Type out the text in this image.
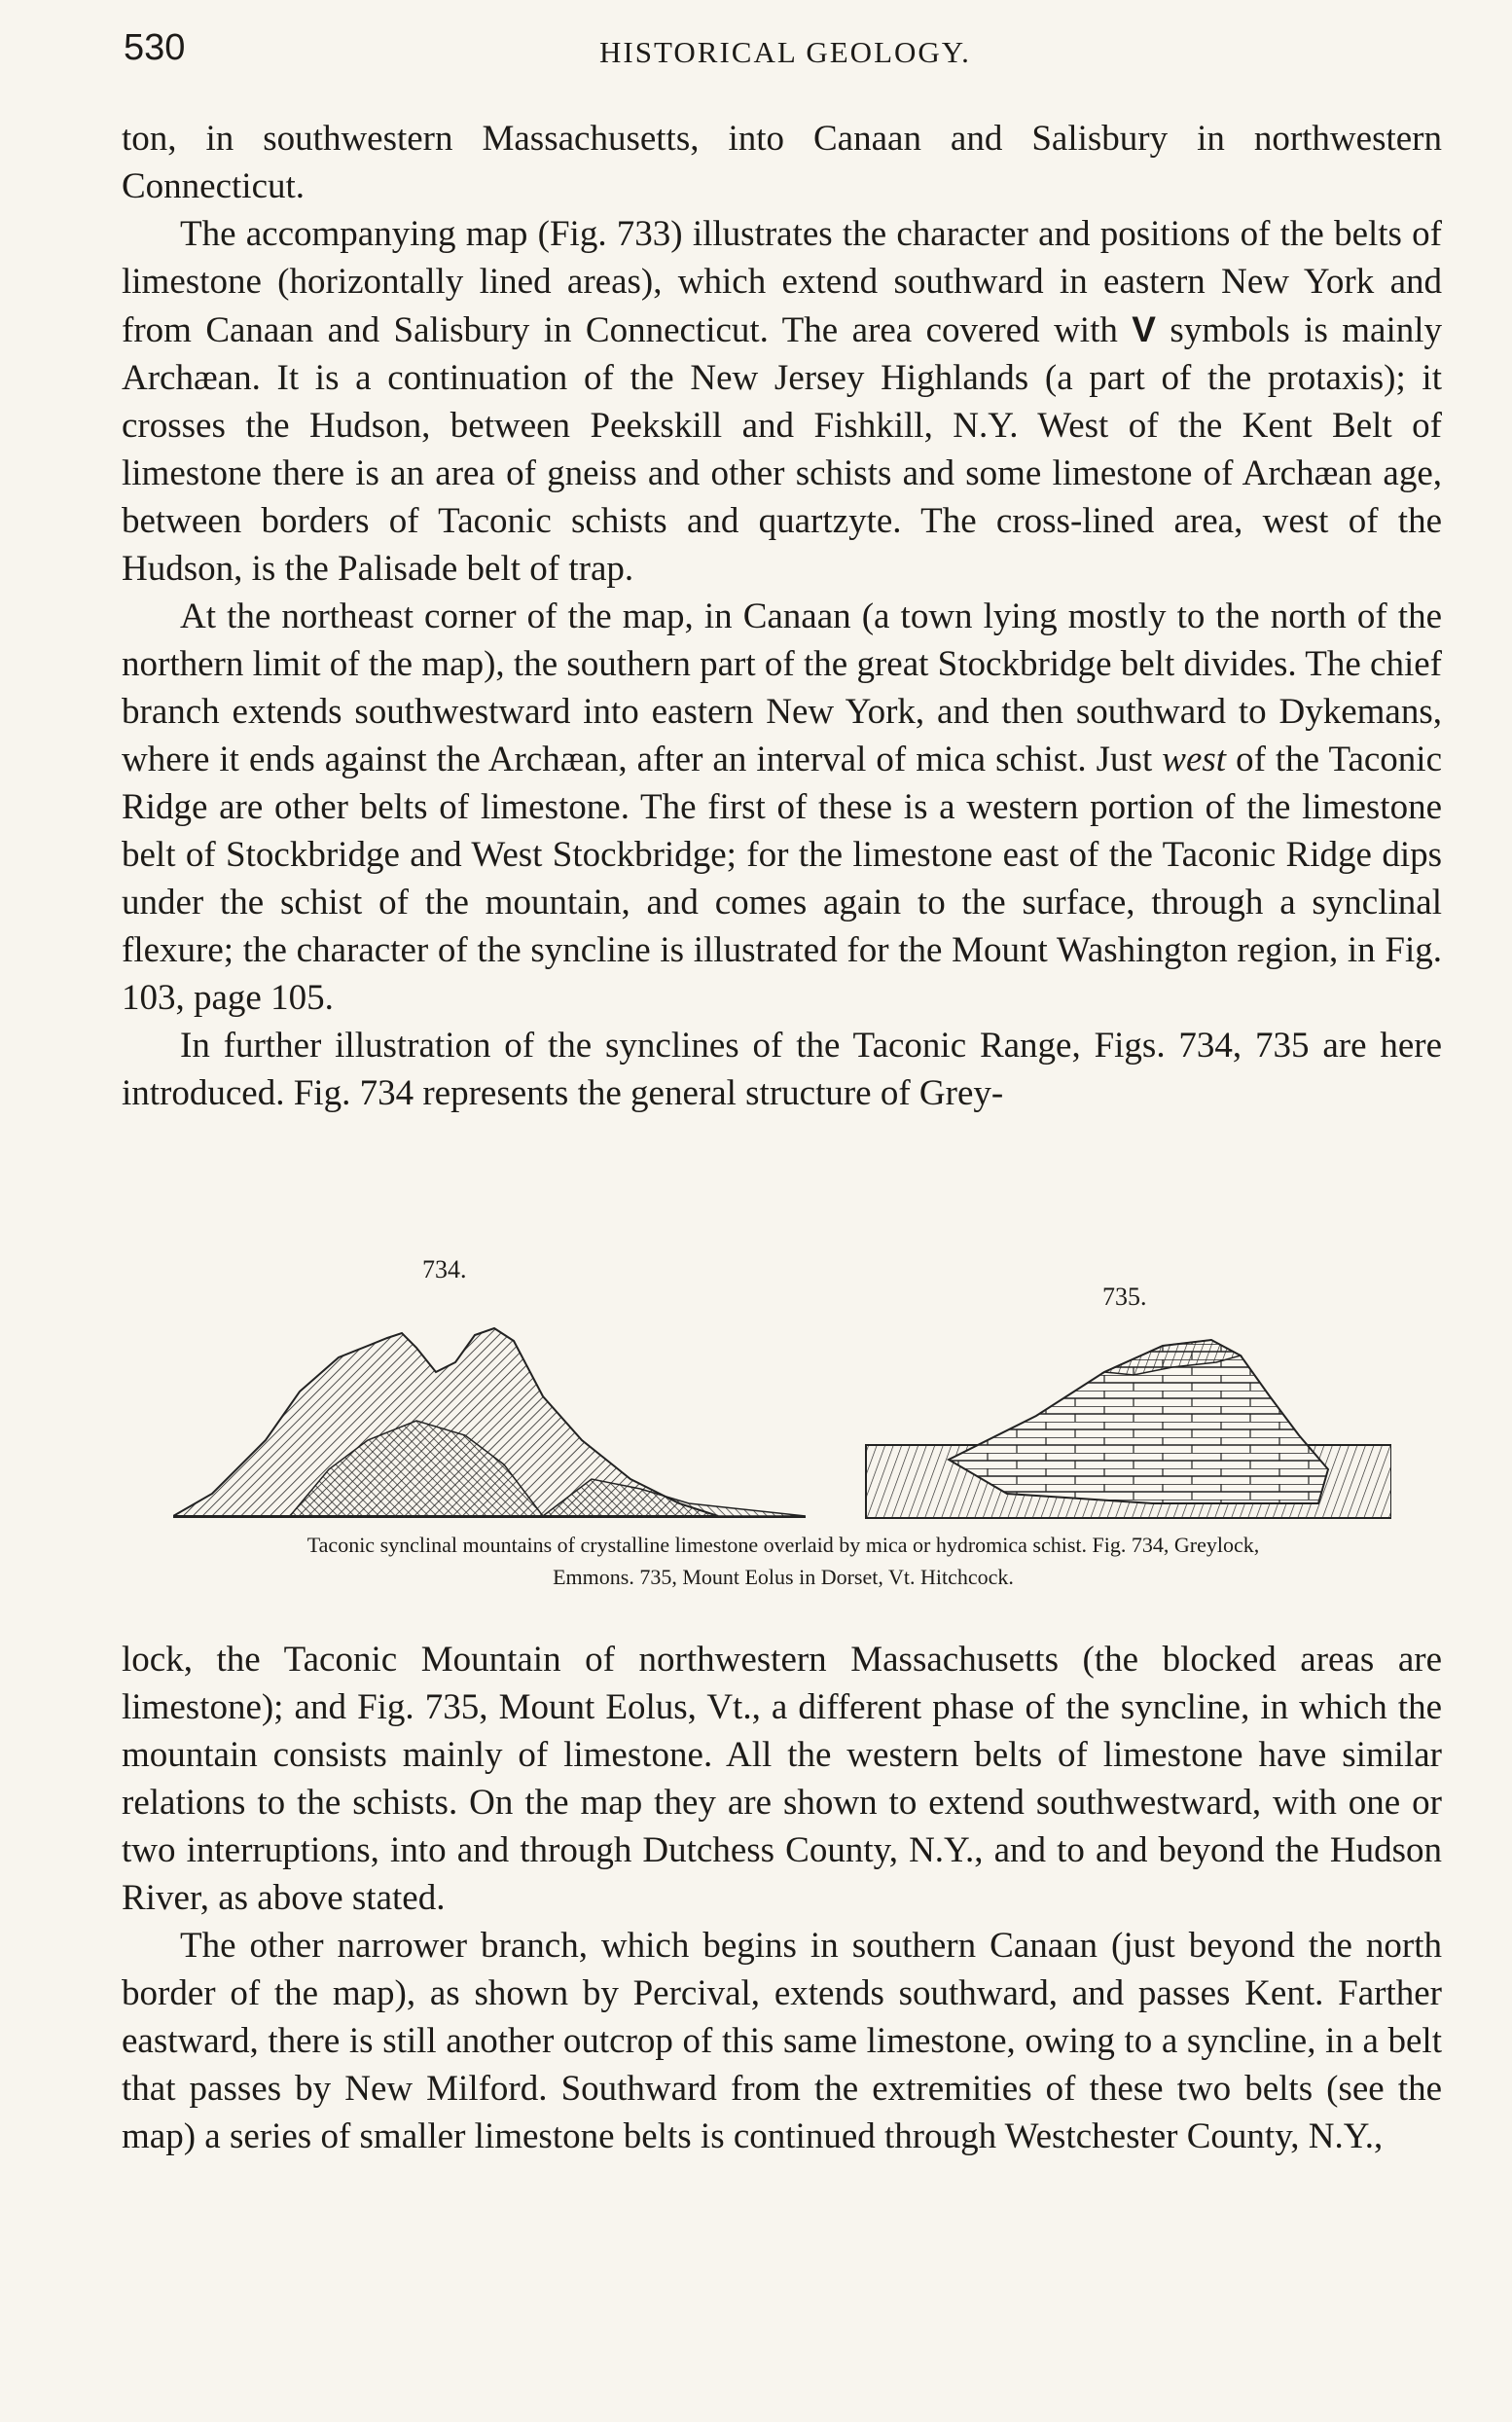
530	HISTORICAL GEOLOGY.

ton, in southwestern Massachusetts, into Canaan and Salisbury in northwestern Connecticut.

The accompanying map (Fig. 733) illustrates the character and positions of the belts of limestone (horizontally lined areas), which extend southward in eastern New York and from Canaan and Salisbury in Connecticut. The area covered with V symbols is mainly Archæan. It is a continuation of the New Jersey Highlands (a part of the protaxis); it crosses the Hudson, between Peekskill and Fishkill, N.Y. West of the Kent Belt of limestone there is an area of gneiss and other schists and some limestone of Archæan age, between borders of Taconic schists and quartzyte. The cross-lined area, west of the Hudson, is the Palisade belt of trap.

At the northeast corner of the map, in Canaan (a town lying mostly to the north of the northern limit of the map), the southern part of the great Stockbridge belt divides. The chief branch extends southwestward into eastern New York, and then southward to Dykemans, where it ends against the Archæan, after an interval of mica schist. Just west of the Taconic Ridge are other belts of limestone. The first of these is a western portion of the limestone belt of Stockbridge and West Stockbridge; for the limestone east of the Taconic Ridge dips under the schist of the mountain, and comes again to the surface, through a synclinal flexure; the character of the syncline is illustrated for the Mount Washington region, in Fig. 103, page 105.

In further illustration of the synclines of the Taconic Range, Figs. 734, 735 are here introduced. Fig. 734 represents the general structure of Grey-

734.
735.
Taconic synclinal mountains of crystalline limestone overlaid by mica or hydromica schist. Fig. 734, Greylock,
Emmons. 735, Mount Eolus in Dorset, Vt. Hitchcock.

lock, the Taconic Mountain of northwestern Massachusetts (the blocked areas are limestone); and Fig. 735, Mount Eolus, Vt., a different phase of the syncline, in which the mountain consists mainly of limestone. All the western belts of limestone have similar relations to the schists. On the map they are shown to extend southwestward, with one or two interruptions, into and through Dutchess County, N.Y., and to and beyond the Hudson River, as above stated.

The other narrower branch, which begins in southern Canaan (just beyond the north border of the map), as shown by Percival, extends southward, and passes Kent. Farther eastward, there is still another outcrop of this same limestone, owing to a syncline, in a belt that passes by New Milford. Southward from the extremities of these two belts (see the map) a series of smaller limestone belts is continued through Westchester County, N.Y.,
